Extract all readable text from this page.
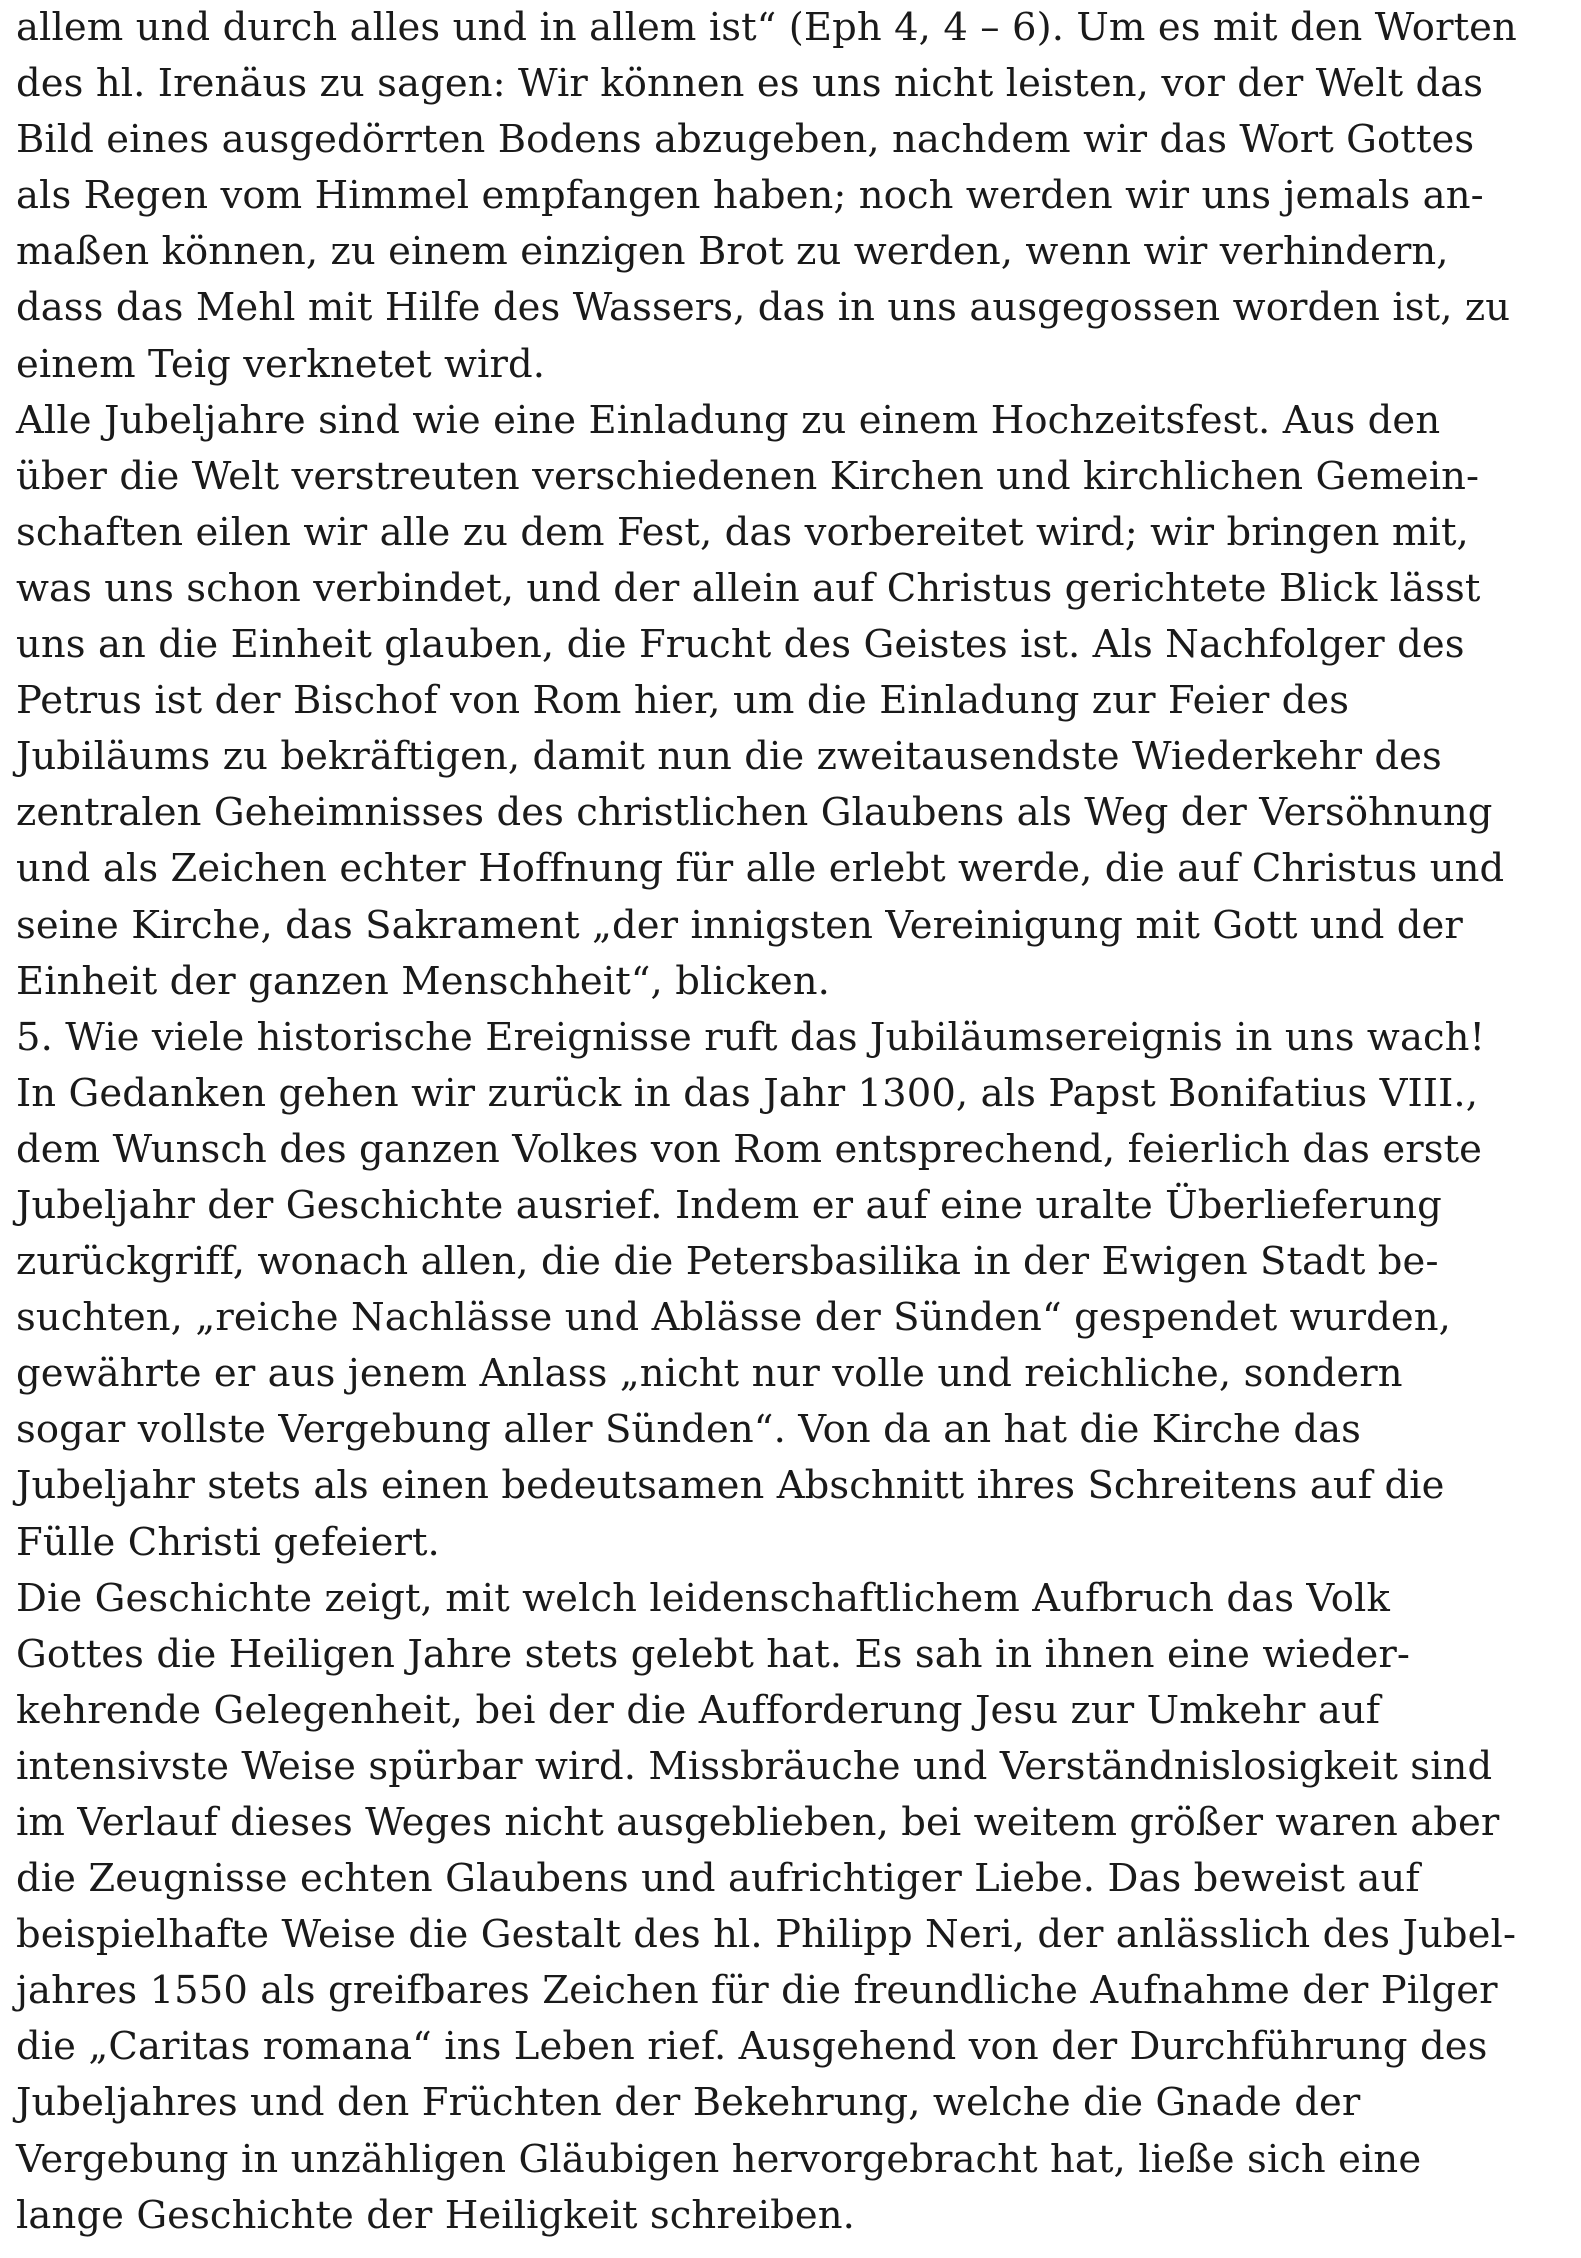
allem und durch alles und in allem ist“ (Eph 4, 4 – 6). Um es mit den Worten
des hl. Irenäus zu sagen: Wir können es uns nicht leisten, vor der Welt das
Bild eines ausgedörrten Bodens abzugeben, nachdem wir das Wort Gottes
als Regen vom Himmel empfangen haben; noch werden wir uns jemals an-
maßen können, zu einem einzigen Brot zu werden, wenn wir verhindern,
dass das Mehl mit Hilfe des Wassers, das in uns ausgegossen worden ist, zu
einem Teig verknetet wird.
Alle Jubeljahre sind wie eine Einladung zu einem Hochzeitsfest. Aus den
über die Welt verstreuten verschiedenen Kirchen und kirchlichen Gemein-
schaften eilen wir alle zu dem Fest, das vorbereitet wird; wir bringen mit,
was uns schon verbindet, und der allein auf Christus gerichtete Blick lässt
uns an die Einheit glauben, die Frucht des Geistes ist. Als Nachfolger des
Petrus ist der Bischof von Rom hier, um die Einladung zur Feier des
Jubiläums zu bekräftigen, damit nun die zweitausendste Wiederkehr des
zentralen Geheimnisses des christlichen Glaubens als Weg der Versöhnung
und als Zeichen echter Hoffnung für alle erlebt werde, die auf Christus und
seine Kirche, das Sakrament „der innigsten Vereinigung mit Gott und der
Einheit der ganzen Menschheit“, blicken.
5. Wie viele historische Ereignisse ruft das Jubiläumsereignis in uns wach!
In Gedanken gehen wir zurück in das Jahr 1300, als Papst Bonifatius VIII.,
dem Wunsch des ganzen Volkes von Rom entsprechend, feierlich das erste
Jubeljahr der Geschichte ausrief. Indem er auf eine uralte Überlieferung
zurückgriff, wonach allen, die die Petersbasilika in der Ewigen Stadt be-
suchten, „reiche Nachlässe und Ablässe der Sünden“ gespendet wurden,
gewährte er aus jenem Anlass „nicht nur volle und reichliche, sondern
sogar vollste Vergebung aller Sünden“. Von da an hat die Kirche das
Jubeljahr stets als einen bedeutsamen Abschnitt ihres Schreitens auf die
Fülle Christi gefeiert.
Die Geschichte zeigt, mit welch leidenschaftlichem Aufbruch das Volk
Gottes die Heiligen Jahre stets gelebt hat. Es sah in ihnen eine wieder-
kehrende Gelegenheit, bei der die Aufforderung Jesu zur Umkehr auf
intensivste Weise spürbar wird. Missbräuche und Verständnislosigkeit sind
im Verlauf dieses Weges nicht ausgeblieben, bei weitem größer waren aber
die Zeugnisse echten Glaubens und aufrichtiger Liebe. Das beweist auf
beispielhafte Weise die Gestalt des hl. Philipp Neri, der anlässlich des Jubel-
jahres 1550 als greifbares Zeichen für die freundliche Aufnahme der Pilger
die „Caritas romana“ ins Leben rief. Ausgehend von der Durchführung des
Jubeljahres und den Früchten der Bekehrung, welche die Gnade der
Vergebung in unzähligen Gläubigen hervorgebracht hat, ließe sich eine
lange Geschichte der Heiligkeit schreiben.
